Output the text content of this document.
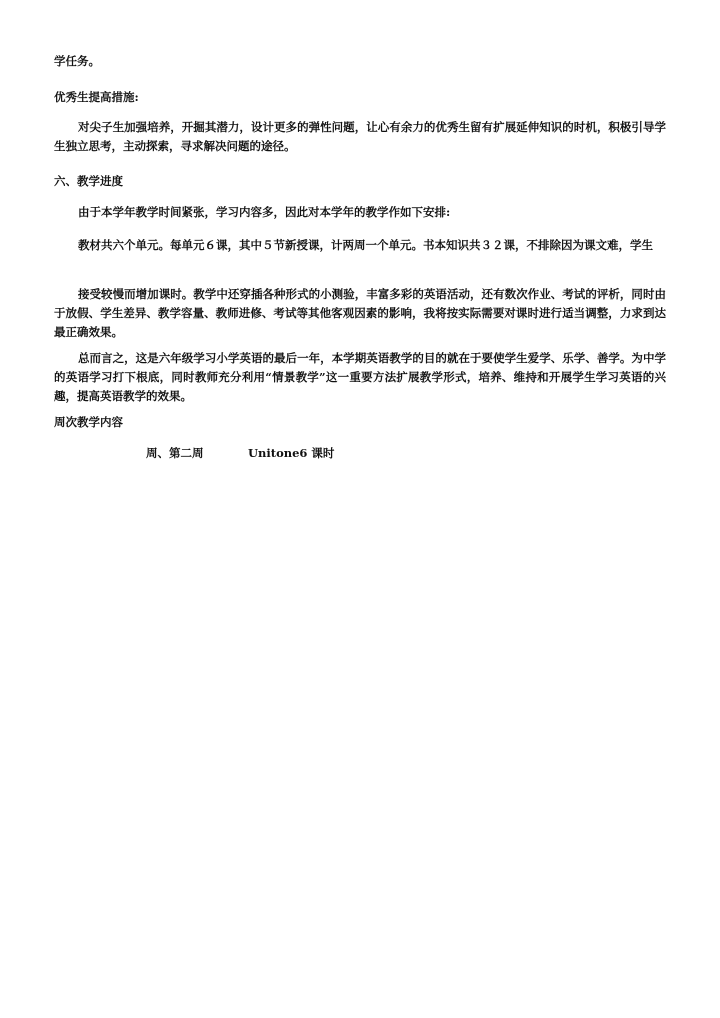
学任务。
优秀生提高措施:
对尖子生加强培养，开掘其潜力，设计更多的弹性问题，让心有余力的优秀生留有扩展延伸知识的时机，积极引导学生独立思考，主动探索，寻求解决问题的途径。
六、教学进度
由于本学年教学时间紧张，学习内容多，因此对本学年的教学作如下安排:
教材共六个单元。每单元６课，其中５节新授课，计两周一个单元。书本知识共３２课，不排除因为课文难，学生
接受较慢而增加课时。教学中还穿插各种形式的小测验，丰富多彩的英语活动，还有数次作业、考试的评析，同时由于放假、学生差异、教学容量、教师进修、考试等其他客观因素的影响，我将按实际需要对课时进行适当调整，力求到达最正确效果。
总而言之，这是六年级学习小学英语的最后一年，本学期英语教学的目的就在于要使学生爱学、乐学、善学。为中学的英语学习打下根底，同时教师充分利用“情景教学”这一重要方法扩展教学形式，培养、维持和开展学生学习英语的兴趣，提高英语教学的效果。
周次教学内容
周、第二周	Unitone6 课时
